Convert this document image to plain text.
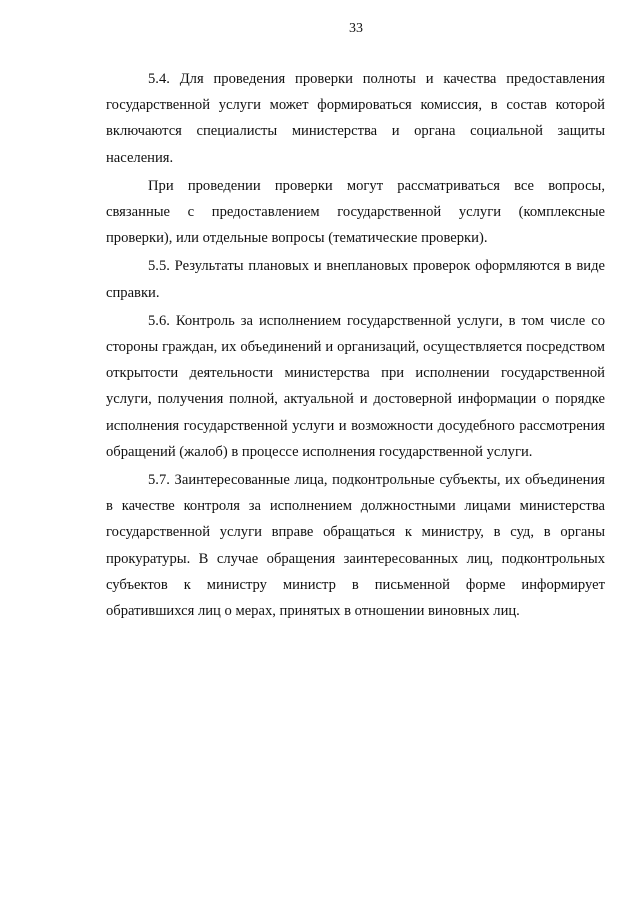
33

5.4. Для проведения проверки полноты и качества предоставления государственной услуги может формироваться комиссия, в состав которой включаются специалисты министерства и органа социальной защиты населения.

При проведении проверки могут рассматриваться все вопросы, связанные с предоставлением государственной услуги (комплексные проверки), или отдельные вопросы (тематические проверки).

5.5. Результаты плановых и внеплановых проверок оформляются в виде справки.

5.6. Контроль за исполнением государственной услуги, в том числе со стороны граждан, их объединений и организаций, осуществляется посредством открытости деятельности министерства при исполнении государственной услуги, получения полной, актуальной и достоверной информации о порядке исполнения государственной услуги и возможности досудебного рассмотрения обращений (жалоб) в процессе исполнения государственной услуги.

5.7. Заинтересованные лица, подконтрольные субъекты, их объединения в качестве контроля за исполнением должностными лицами министерства государственной услуги вправе обращаться к министру, в суд, в органы прокуратуры. В случае обращения заинтересованных лиц, подконтрольных субъектов к министру министр в письменной форме информирует обратившихся лиц о мерах, принятых в отношении виновных лиц.
